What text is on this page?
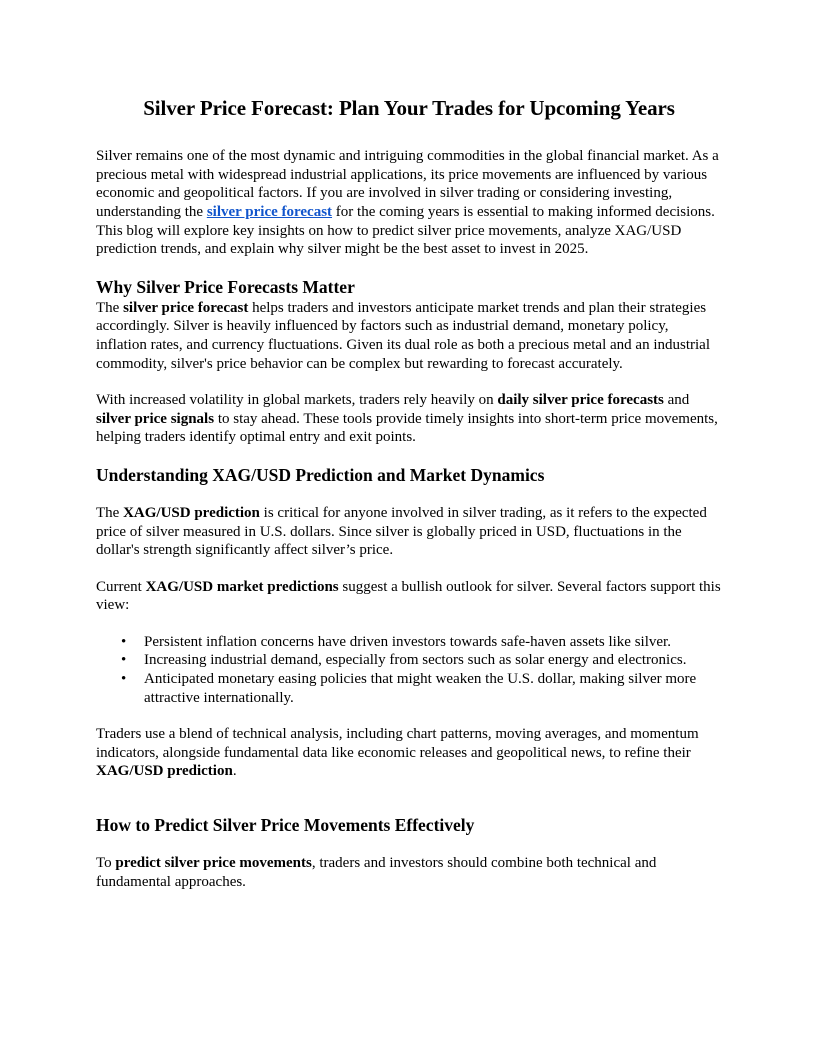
Silver Price Forecast: Plan Your Trades for Upcoming Years

Silver remains one of the most dynamic and intriguing commodities in the global financial market. As a precious metal with widespread industrial applications, its price movements are influenced by various economic and geopolitical factors. If you are involved in silver trading or considering investing, understanding the silver price forecast for the coming years is essential to making informed decisions. This blog will explore key insights on how to predict silver price movements, analyze XAG/USD prediction trends, and explain why silver might be the best asset to invest in 2025.

Why Silver Price Forecasts Matter

The silver price forecast helps traders and investors anticipate market trends and plan their strategies accordingly. Silver is heavily influenced by factors such as industrial demand, monetary policy, inflation rates, and currency fluctuations. Given its dual role as both a precious metal and an industrial commodity, silver's price behavior can be complex but rewarding to forecast accurately.

With increased volatility in global markets, traders rely heavily on daily silver price forecasts and silver price signals to stay ahead. These tools provide timely insights into short-term price movements, helping traders identify optimal entry and exit points.

Understanding XAG/USD Prediction and Market Dynamics

The XAG/USD prediction is critical for anyone involved in silver trading, as it refers to the expected price of silver measured in U.S. dollars. Since silver is globally priced in USD, fluctuations in the dollar's strength significantly affect silver’s price.

Current XAG/USD market predictions suggest a bullish outlook for silver. Several factors support this view:

• Persistent inflation concerns have driven investors towards safe-haven assets like silver.
• Increasing industrial demand, especially from sectors such as solar energy and electronics.
• Anticipated monetary easing policies that might weaken the U.S. dollar, making silver more attractive internationally.

Traders use a blend of technical analysis, including chart patterns, moving averages, and momentum indicators, alongside fundamental data like economic releases and geopolitical news, to refine their XAG/USD prediction.

How to Predict Silver Price Movements Effectively

To predict silver price movements, traders and investors should combine both technical and fundamental approaches.
